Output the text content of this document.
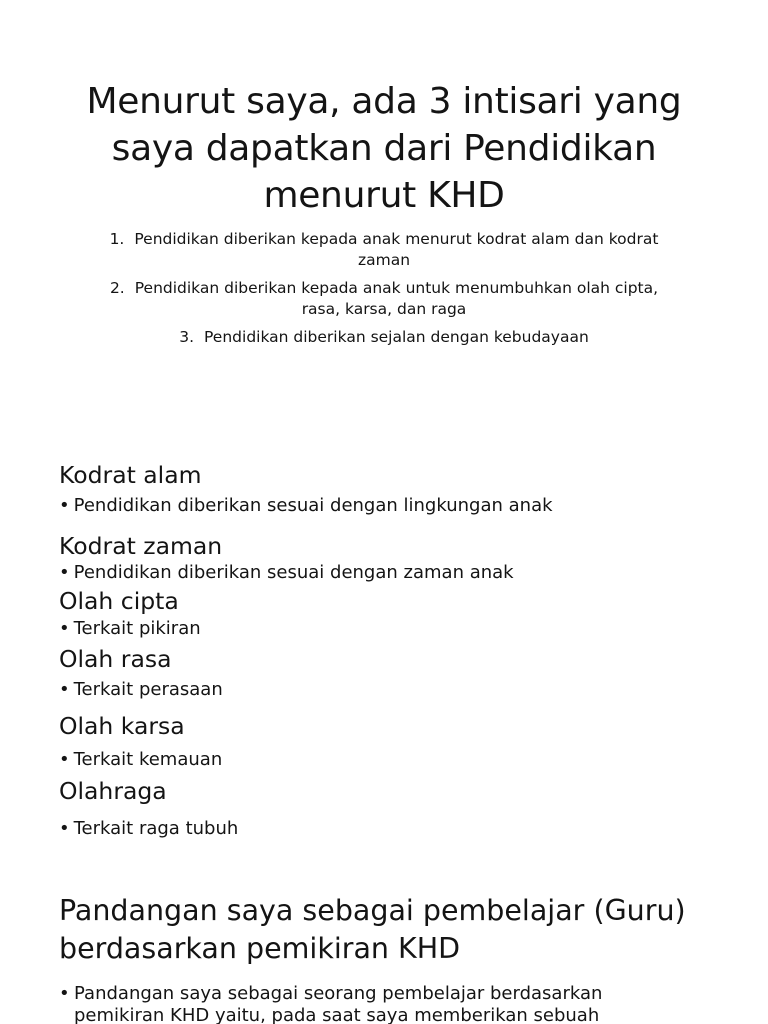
Menurut saya, ada 3 intisari yang
saya dapatkan dari Pendidikan
menurut KHD
1. Pendidikan diberikan kepada anak menurut kodrat alam dan kodrat zaman
2. Pendidikan diberikan kepada anak untuk menumbuhkan olah cipta, rasa, karsa, dan raga
3. Pendidikan diberikan sejalan dengan kebudayaan
Kodrat alam

• Pendidikan diberikan sesuai dengan lingkungan anak

Kodrat zaman

• Pendidikan diberikan sesuai dengan zaman anak

Olah cipta

• Terkait pikiran

Olah rasa

• Terkait perasaan

Olah karsa

• Terkait kemauan

Olahraga

• Terkait raga tubuh

Pandangan saya sebagai pembelajar (Guru)
berdasarkan pemikiran KHD

• Pandangan saya sebagai seorang pembelajar berdasarkan pemikiran KHD yaitu, pada saat saya memberikan sebuah
